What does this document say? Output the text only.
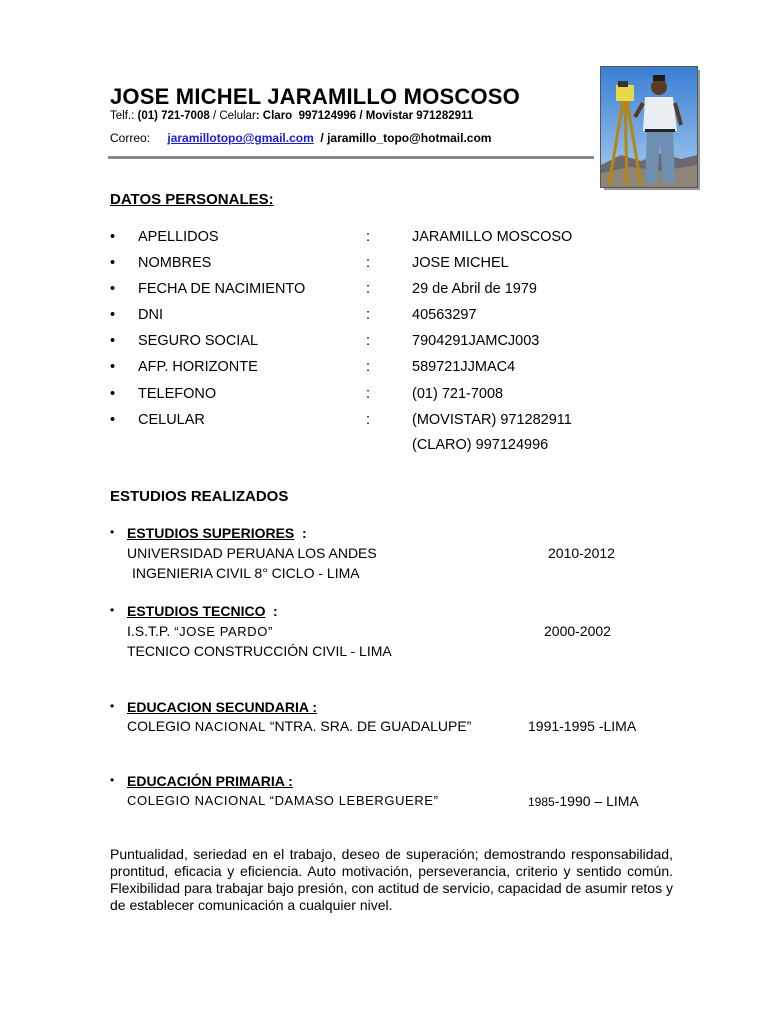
JOSE MICHEL JARAMILLO MOSCOSO
Telf.: (01) 721-7008 / Celular: Claro 997124996 / Movistar 971282911
Correo: jaramillotopo@gmail.com / jaramillo_topo@hotmail.com
DATOS PERSONALES:
• APELLIDOS	:	JARAMILLO MOSCOSO
• NOMBRES	:	JOSE MICHEL
• FECHA DE NACIMIENTO	:	29 de Abril de 1979
• DNI	:	40563297
• SEGURO SOCIAL	:	7904291JAMCJ003
• AFP. HORIZONTE	:	589721JJMAC4
• TELEFONO	:	(01) 721-7008
• CELULAR	:	(MOVISTAR) 971282911
(CLARO) 997124996
ESTUDIOS REALIZADOS
• ESTUDIOS SUPERIORES :
UNIVERSIDAD PERUANA LOS ANDES	2010-2012
INGENIERIA CIVIL 8° CICLO - LIMA
• ESTUDIOS TECNICO :
I.S.T.P. “JOSE PARDO”	2000-2002
TECNICO CONSTRUCCIÓN CIVIL - LIMA
• EDUCACION SECUNDARIA :
COLEGIO NACIONAL “NTRA. SRA. DE GUADALUPE”	1991-1995 -LIMA
• EDUCACIÓN PRIMARIA :
COLEGIO NACIONAL “DAMASO LEBERGUERE”	1985-1990 – LIMA

Puntualidad, seriedad en el trabajo, deseo de superación; demostrando responsabilidad, prontitud, eficacia y eficiencia. Auto motivación, perseverancia, criterio y sentido común. Flexibilidad para trabajar bajo presión, con actitud de servicio, capacidad de asumir retos y de establecer comunicación a cualquier nivel.
